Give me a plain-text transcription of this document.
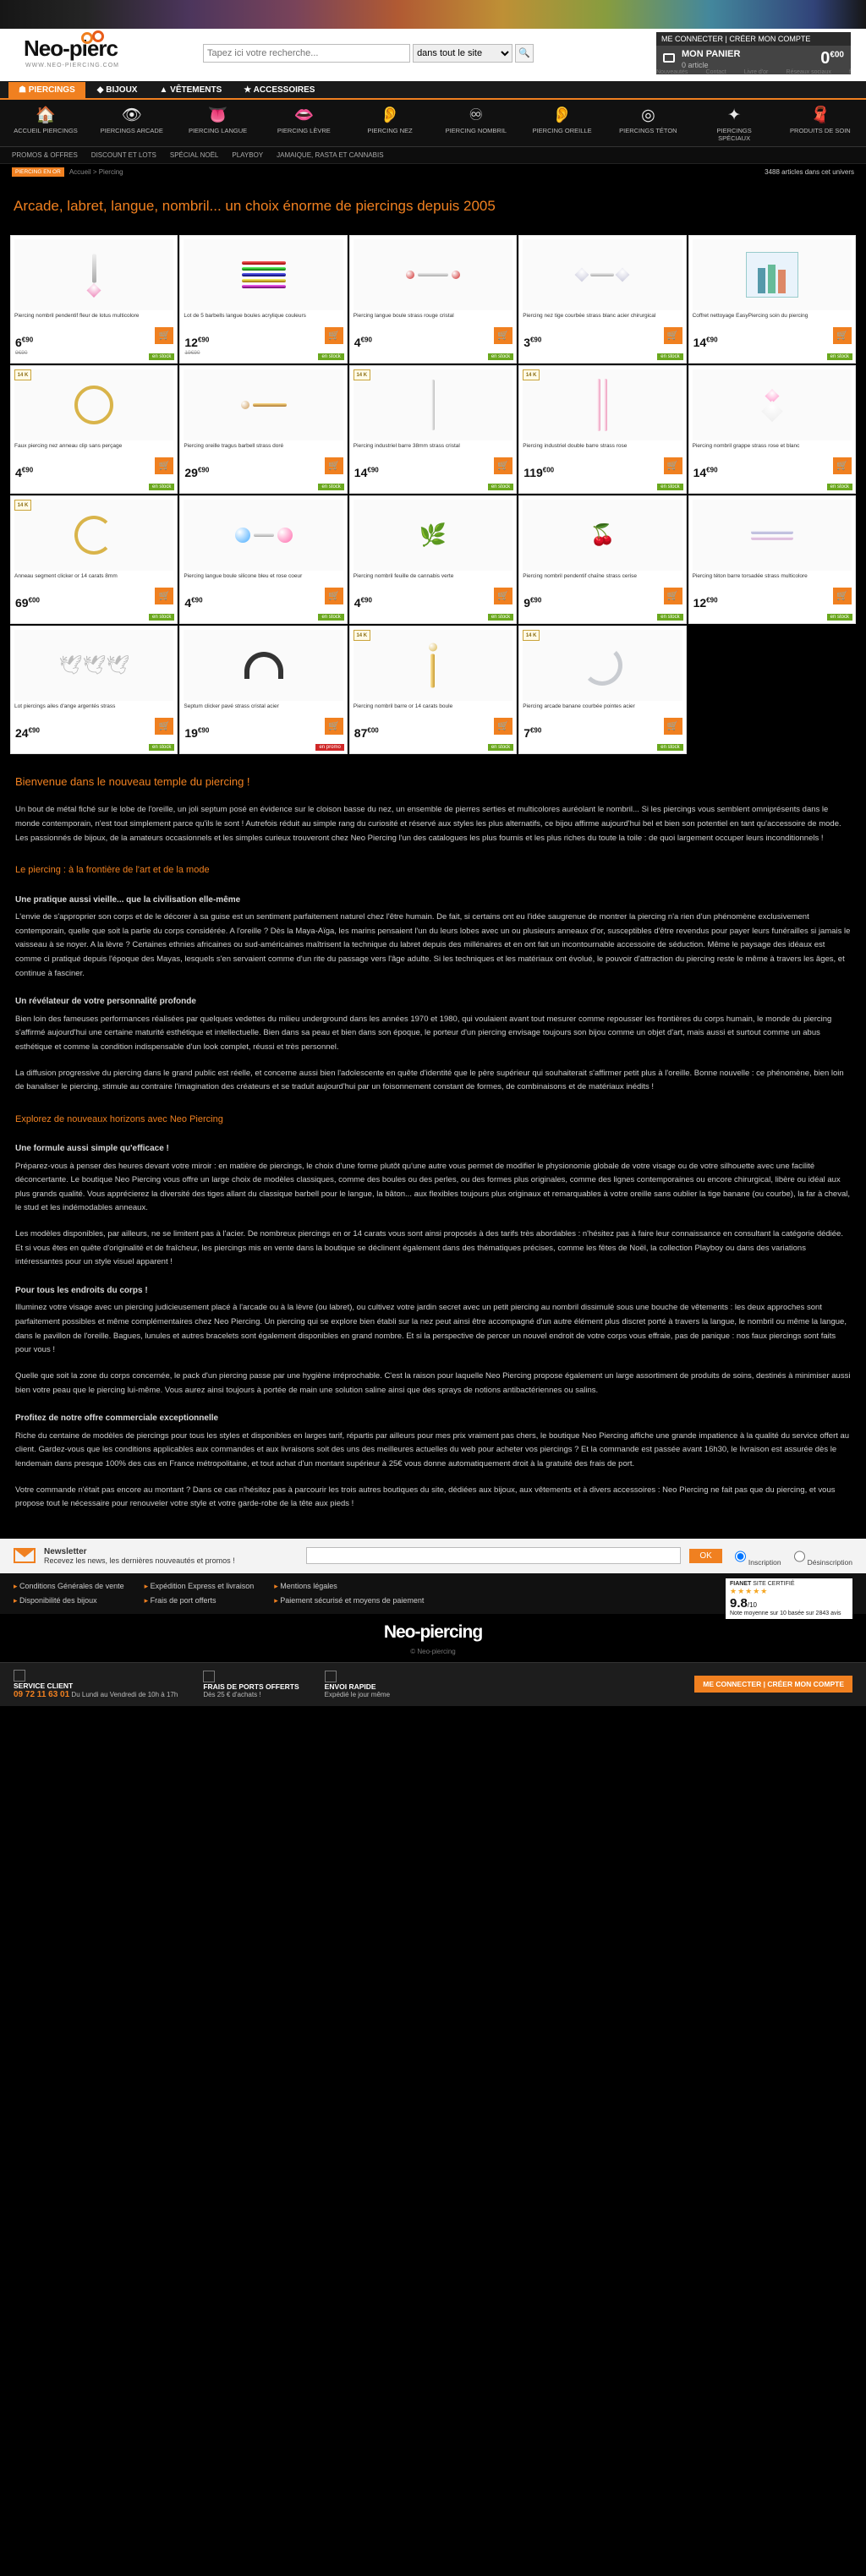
Neo-pierc
WWW.NEO-PIERCING.COM
Tapez ici votre recherche...
dans tout le site 🔍
ME CONNECTER | CRÉER MON COMPTE
MON PANIER
0 article	$0^{€00}$
Nouveautés	Contact	Livre d'or	Réseaux sociaux	f
☗ PIERCINGS	◆ BIJOUX	▲ VÊTEMENTS	★ ACCESSOIRES
🏠
ACCUEIL PIERCINGS
👁
PIERCINGS ARCADE
👅
PIERCING LANGUE
👄
PIERCING LÈVRE
👂
PIERCING NEZ
♾
PIERCING NOMBRIL
👂
PIERCING OREILLE
◎
PIERCINGS TÉTON
✦
PIERCINGS SPÉCIAUX
🧣
PRODUITS DE SOIN
PROMOS & OFFRES DISCOUNT ET LOTS SPÉCIAL NOËL PLAYBOY JAMAIQUE, RASTA ET CANNABIS
PIERCING EN OR	Accueil > Piercing	3488 articles dans cet univers
Arcade, labret, langue, nombril... un choix énorme de piercings depuis 2005
Piercing nombril pendentif fleur de lotus multicolore
$6^{€90}$
9€90
🛒
en stock
Lot de 5 barbells langue boules acrylique couleurs
$12^{€90}$
19€90
🛒
en stock
Piercing langue boule strass rouge cristal
$4^{€90}$	🛒
en stock
Piercing nez tige courbée strass blanc acier chirurgical
$3^{€90}$	🛒
en stock
Coffret nettoyage EasyPiercing soin du piercing
$14^{€90}$	🛒
en stock
14 K
Faux piercing nez anneau clip sans perçage
$4^{€90}$	🛒
en stock
Piercing oreille tragus barbell strass doré
$29^{€90}$	🛒
en stock
14 K
Piercing industriel barre 38mm strass cristal
$14^{€90}$	🛒
en stock
14 K
Piercing industriel double barre strass rose
$119^{€00}$	🛒
en stock
Piercing nombril grappe strass rose et blanc
$14^{€90}$	🛒
en stock
14 K
Anneau segment clicker or 14 carats 8mm
$69^{€00}$	🛒
en stock
Piercing langue boule silicone bleu et rose coeur
$4^{€90}$	🛒
en stock
🌿
Piercing nombril feuille de cannabis verte
$4^{€90}$	🛒
en stock
🍒
Piercing nombril pendentif chaîne strass cerise
$9^{€90}$	🛒
en stock
Piercing téton barre torsadée strass multicolore
$12^{€90}$	🛒
en stock
🕊🕊🕊
Lot piercings ailes d'ange argentés strass
$24^{€90}$	🛒
en stock
Septum clicker pavé strass cristal acier
$19^{€90}$	🛒
en promo
14 K
Piercing nombril barre or 14 carats boule
$87^{€00}$	🛒
en stock
14 K
Piercing arcade banane courbée pointes acier
$7^{€90}$	🛒
en stock
Bienvenue dans le nouveau temple du piercing !

Un bout de métal fiché sur le lobe de l'oreille, un joli septum posé en évidence sur le cloison basse du nez, un ensemble de pierres serties et multicolores auréolant le nombril... Si les piercings vous semblent omniprésents dans le monde contemporain, n'est tout simplement parce qu'ils le sont ! Autrefois réduit au simple rang du curiosité et réservé aux styles les plus alternatifs, ce bijou affirme aujourd'hui bel et bien son potentiel en tant qu'accessoire de mode. Les passionnés de bijoux, de la amateurs occasionnels et les simples curieux trouveront chez Neo Piercing l'un des catalogues les plus fournis et les plus riches du toute la toile : de quoi largement occuper leurs inconditionnels !

Le piercing : à la frontière de l'art et de la mode
Une pratique aussi vieille... que la civilisation elle-même

L'envie de s'approprier son corps et de le décorer à sa guise est un sentiment parfaitement naturel chez l'être humain. De fait, si certains ont eu l'idée saugrenue de montrer la piercing n'a rien d'un phénomène exclusivement contemporain, quelle que soit la partie du corps considérée. A l'oreille ? Dès la Maya-Aïga, les marins pensaient l'un du leurs lobes avec un ou plusieurs anneaux d'or, susceptibles d'être revendus pour payer leurs funérailles si jamais le vaisseau à se noyer. A la lèvre ? Certaines ethnies africaines ou sud-américaines maîtrisent la technique du labret depuis des millénaires et en ont fait un incontournable accessoire de séduction. Même le paysage des idéaux est comme ci pratiqué depuis l'époque des Mayas, lesquels s'en servaient comme d'un rite du passage vers l'âge adulte. Si les techniques et les matériaux ont évolué, le pouvoir d'attraction du piercing reste le même à travers les âges, et continue à fasciner.

Un révélateur de votre personnalité profonde

Bien loin des fameuses performances réalisées par quelques vedettes du milieu underground dans les années 1970 et 1980, qui voulaient avant tout mesurer comme repousser les frontières du corps humain, le monde du piercing s'affirmé aujourd'hui une certaine maturité esthétique et intellectuelle. Bien dans sa peau et bien dans son époque, le porteur d'un piercing envisage toujours son bijou comme un objet d'art, mais aussi et surtout comme un abus esthétique et comme la condition indispensable d'un look complet, réussi et très personnel.

La diffusion progressive du piercing dans le grand public est réelle, et concerne aussi bien l'adolescente en quête d'identité que le père supérieur qui souhaiterait s'affirmer petit plus à l'oreille. Bonne nouvelle : ce phénomène, bien loin de banaliser le piercing, stimule au contraire l'imagination des créateurs et se traduit aujourd'hui par un foisonnement constant de formes, de combinaisons et de matériaux inédits !

Explorez de nouveaux horizons avec Neo Piercing
Une formule aussi simple qu'efficace !

Préparez-vous à penser des heures devant votre miroir : en matière de piercings, le choix d'une forme plutôt qu'une autre vous permet de modifier le physionomie globale de votre visage ou de votre silhouette avec une facilité déconcertante. Le boutique Neo Piercing vous offre un large choix de modèles classiques, comme des boules ou des perles, ou des formes plus originales, comme des lignes contemporaines ou encore chirurgical, libère ou idéal aux plus grands qualité. Vous apprécierez la diversité des tiges allant du classique barbell pour le langue, la bâton... aux flexibles toujours plus originaux et remarquables à votre oreille sans oublier la tige banane (ou courbe), la far à cheval, le stud et les indémodables anneaux.

Les modèles disponibles, par ailleurs, ne se limitent pas à l'acier. De nombreux piercings en or 14 carats vous sont ainsi proposés à des tarifs très abordables : n'hésitez pas à faire leur connaissance en consultant la catégorie dédiée. Et si vous êtes en quête d'originalité et de fraîcheur, les piercings mis en vente dans la boutique se déclinent également dans des thématiques précises, comme les fêtes de Noël, la collection Playboy ou dans des variations intéressantes pour un style visuel apparent !

Pour tous les endroits du corps !

Illuminez votre visage avec un piercing judicieusement placé à l'arcade ou à la lèvre (ou labret), ou cultivez votre jardin secret avec un petit piercing au nombril dissimulé sous une bouche de vêtements : les deux approches sont parfaitement possibles et même complémentaires chez Neo Piercing. Un piercing qui se explore bien établi sur la nez peut ainsi être accompagné d'un autre élément plus discret porté à travers la langue, le nombril ou même la langue, dans le pavillon de l'oreille. Bagues, lunules et autres bracelets sont également disponibles en grand nombre. Et si la perspective de percer un nouvel endroit de votre corps vous effraie, pas de panique : nos faux piercings sont faits pour vous !

Quelle que soit la zone du corps concernée, le pack d'un piercing passe par une hygiène irréprochable. C'est la raison pour laquelle Neo Piercing propose également un large assortiment de produits de soins, destinés à minimiser aussi bien votre peau que le piercing lui-même. Vous aurez ainsi toujours à portée de main une solution saline ainsi que des sprays de notions antibactériennes ou salins.

Profitez de notre offre commerciale exceptionnelle

Riche du centaine de modèles de piercings pour tous les styles et disponibles en larges tarif, répartis par ailleurs pour mes prix vraiment pas chers, le boutique Neo Piercing affiche une grande impatience à la qualité du service offert au client. Gardez-vous que les conditions applicables aux commandes et aux livraisons soit des uns des meilleures actuelles du web pour acheter vos piercings ? Et la commande est passée avant 16h30, le livraison est assurée dès le lendemain dans presque 100% des cas en France métropolitaine, et tout achat d'un montant supérieur à 25€ vous donne automatiquement droit à la gratuité des frais de port.

Votre commande n'était pas encore au montant ? Dans ce cas n'hésitez pas à parcourir les trois autres boutiques du site, dédiées aux bijoux, aux vêtements et à divers accessoires : Neo Piercing ne fait pas que du piercing, et vous propose tout le nécessaire pour renouveler votre style et votre garde-robe de la tête aux pieds !

Newsletter
Recevez les news, les dernières nouveautés et promos !	OK
Inscription	Désinscription
▸ Conditions Générales de vente
▸ Disponibilité des bijoux
▸ Expédition Express et livraison
▸ Frais de port offerts
▸ Mentions légales
▸ Paiement sécurisé et moyens de paiement
FIANET SITE CERTIFIÉ
★★★★★
9.8/10
Note moyenne sur 10 basée sur 2843 avis
Neo-piercing
© Neo-piercing
SERVICE CLIENT
09 72 11 63 01 Du Lundi au Vendredi de 10h à 17h
FRAIS DE PORTS OFFERTS
Dès 25 € d'achats !
ENVOI RAPIDE
Expédié le jour même
ME CONNECTER | CRÉER MON COMPTE
